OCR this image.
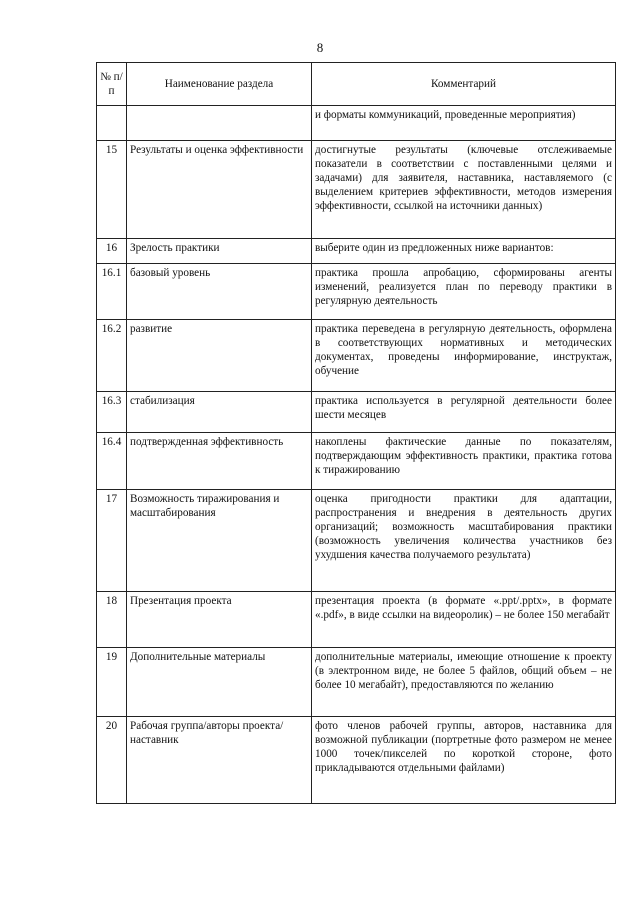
8
№ п/п	Наименование раздела	Комментарий
		и форматы коммуникаций, проведенные мероприятия)
15	Результаты и оценка эффективности	достигнутые результаты (ключевые отслеживаемые показатели в соответствии с поставленными целями и задачами) для заявителя, наставника, наставляемого (с выделением критериев эффективности, методов измерения эффективности, ссылкой на источники данных)
16	Зрелость практики	выберите один из предложенных ниже вариантов:
16.1	базовый уровень	практика прошла апробацию, сформированы агенты изменений, реализуется план по переводу практики в регулярную деятельность
16.2	развитие	практика переведена в регулярную деятельность, оформлена в соответствующих нормативных и методических документах, проведены информирование, инструктаж, обучение
16.3	стабилизация	практика используется в регулярной деятельности более шести месяцев
16.4	подтвержденная эффективность	накоплены фактические данные по показателям, подтверждающим эффективность практики, практика готова к тиражированию
17	Возможность тиражирования и масштабирования	оценка пригодности практики для адаптации, распространения и внедрения в деятельность других организаций; возможность масштабирования практики (возможность увеличения количества участников без ухудшения качества получаемого результата)
18	Презентация проекта	презентация проекта (в формате «.ppt/.pptx», в формате «.pdf», в виде ссылки на видеоролик) – не более 150 мегабайт
19	Дополнительные материалы	дополнительные материалы, имеющие отношение к проекту (в электронном виде, не более 5 файлов, общий объем – не более 10 мегабайт), предоставляются по желанию
20	Рабочая группа/авторы проекта/наставник	фото членов рабочей группы, авторов, наставника для возможной публикации (портретные фото размером не менее 1000 точек/пикселей по короткой стороне, фото прикладываются отдельными файлами)
